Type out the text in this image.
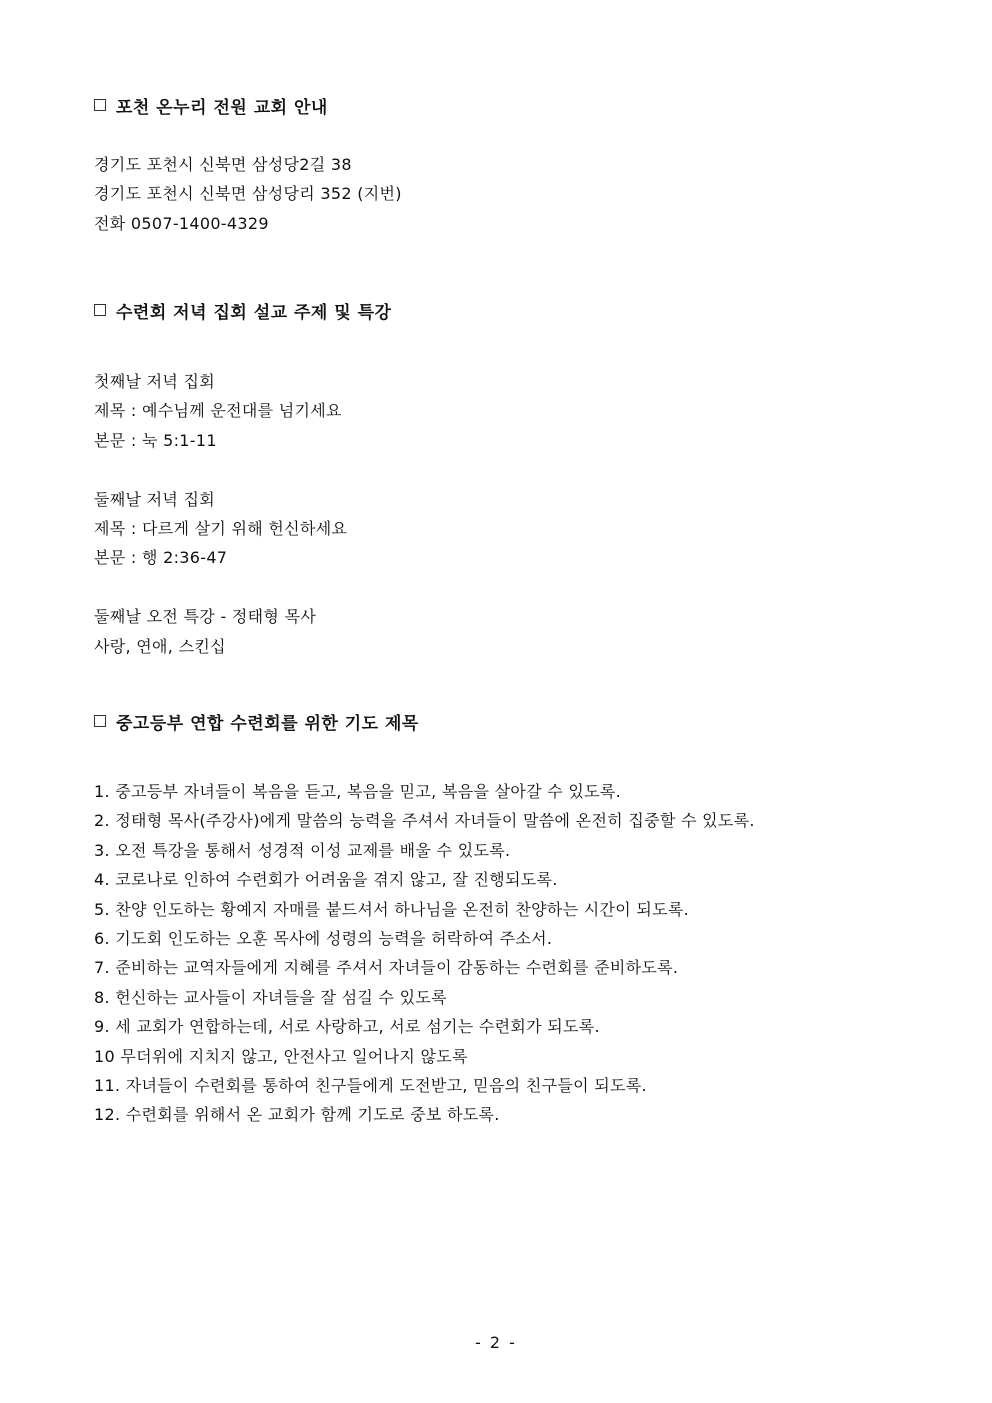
포천 온누리 전원 교회 안내
경기도 포천시 신북면 삼성당2길 38
경기도 포천시 신북면 삼성당리 352 (지번)
전화 0507-1400-4329
수련회 저녁 집회 설교 주제 및 특강
첫째날 저녁 집회
제목 : 예수님께 운전대를 넘기세요
본문 : 눅 5:1-11
둘째날 저녁 집회
제목 : 다르게 살기 위해 헌신하세요
본문 : 행 2:36-47
둘째날 오전 특강 - 정태형 목사
사랑, 연애, 스킨십
중고등부 연합 수련회를 위한 기도 제목
1. 중고등부 자녀들이 복음을 듣고, 복음을 믿고, 복음을 살아갈 수 있도록.
2. 정태형 목사(주강사)에게 말씀의 능력을 주셔서 자녀들이 말씀에 온전히 집중할 수 있도록.
3. 오전 특강을 통해서 성경적 이성 교제를 배울 수 있도록.
4. 코로나로 인하여 수련회가 어려움을 겪지 않고, 잘 진행되도록.
5. 찬양 인도하는 황예지 자매를 붙드셔서 하나님을 온전히 찬양하는 시간이 되도록.
6. 기도회 인도하는 오훈 목사에 성령의 능력을 허락하여 주소서.
7. 준비하는 교역자들에게 지혜를 주셔서 자녀들이 감동하는 수련회를 준비하도록.
8. 헌신하는 교사들이 자녀들을 잘 섬길 수 있도록
9. 세 교회가 연합하는데, 서로 사랑하고, 서로 섬기는 수련회가 되도록.
10 무더위에 지치지 않고, 안전사고 일어나지 않도록
11. 자녀들이 수련회를 통하여 친구들에게 도전받고, 믿음의 친구들이 되도록.
12. 수련회를 위해서 온 교회가 함께 기도로 중보 하도록.
- 2 -
